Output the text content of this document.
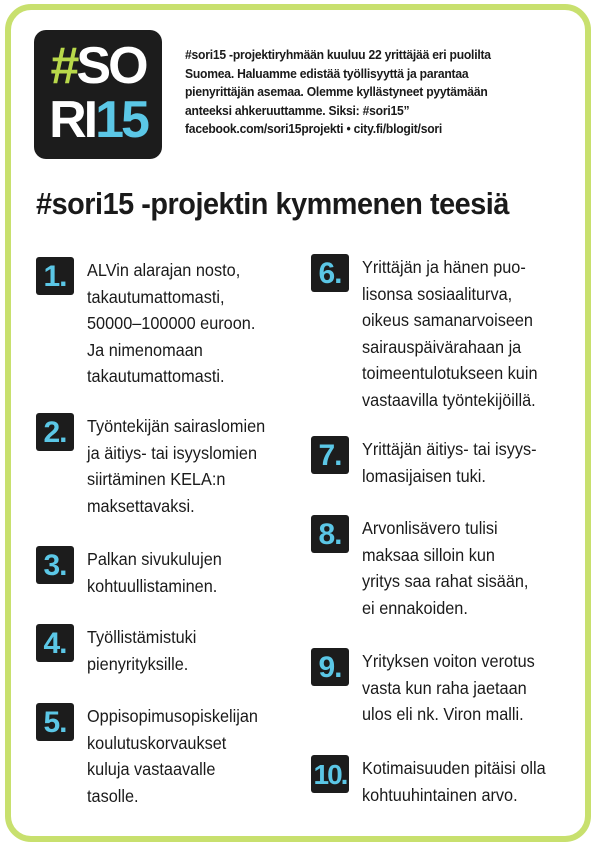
#SO
RI15

#sori15 -projektiryhmään kuuluu 22 yrittäjää eri puolilta Suomea. Haluamme edistää työllisyyttä ja parantaa pienyrittäjän asemaa. Olemme kyllästyneet pyytämään anteeksi ahkeruuttamme. Siksi: #sori15”

facebook.com/sori15projekti • city.fi/blogit/sori

#sori15 -projektin kymmenen teesiä
1.	ALVin alarajan nosto,
takautumattomasti,
50000–100000 euroon.
Ja nimenomaan
takautumattomasti.
2.	Työntekijän sairaslomien
ja äitiys- tai isyyslomien
siirtäminen KELA:n
maksettavaksi.
3.	Palkan sivukulujen
kohtuullistaminen.
4.	Työllistämistuki
pienyrityksille.
5.	Oppisopimusopiskelijan
koulutuskorvaukset
kuluja vastaavalle
tasolle.
6.	Yrittäjän ja hänen puo-
lisonsa sosiaaliturva,
oikeus samanarvoiseen
sairauspäivärahaan ja
toimeentulotukseen kuin
vastaavilla työntekijöillä.
7.	Yrittäjän äitiys- tai isyys-
lomasijaisen tuki.
8.	Arvonlisävero tulisi
maksaa silloin kun
yritys saa rahat sisään,
ei ennakoiden.
9.	Yrityksen voiton verotus
vasta kun raha jaetaan
ulos eli nk. Viron malli.
10. Kotimaisuuden pitäisi olla
kohtuuhintainen arvo.
